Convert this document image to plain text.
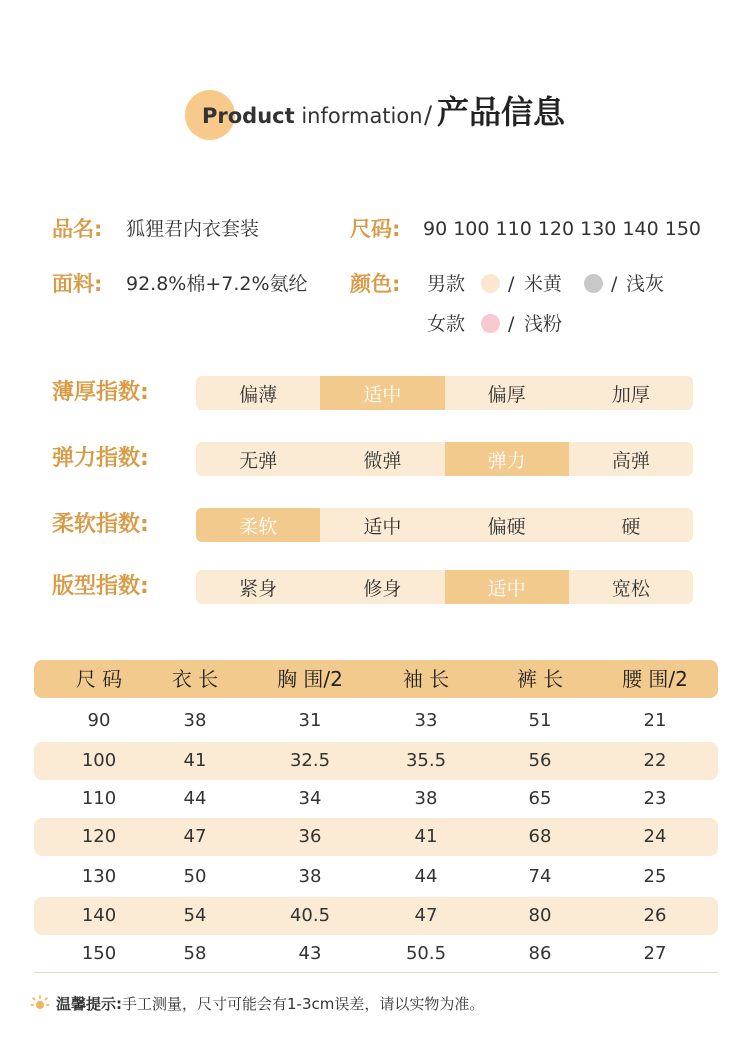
Product information / 产品信息
品名: 狐狸君内衣套装	尺码: 90 100 110 120 130 140 150
面料: 92.8%棉+7.2%氨纶 颜色: 男款 / 米黄	/ 浅灰
女款 / 浅粉
薄厚指数:	偏薄	适中	偏厚	加厚
弹力指数:	无弹	微弹	弹力	高弹
柔软指数:	柔软	适中	偏硬	硬
版型指数:	紧身	修身	适中	宽松
尺 码	衣 长	胸 围/2	袖 长	裤 长	腰 围/2
90	38	31	33	51	21
100	41	32.5	35.5	56	22
110	44	34	38	65	23
120	47	36	41	68	24
130	50	38	44	74	25
140	54	40.5	47	80	26
150	58	43	50.5	86	27
温馨提示:手工测量，尺寸可能会有1-3cm误差，请以实物为准。
